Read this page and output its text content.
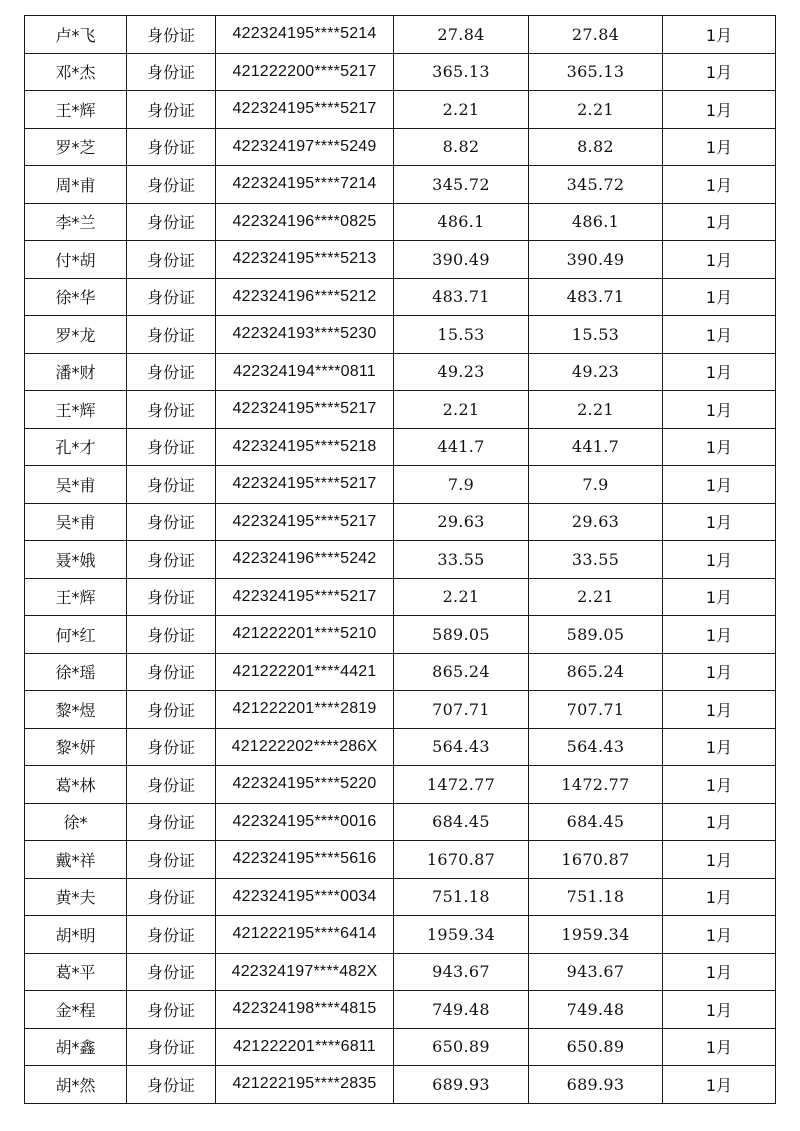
卢*飞	身份证	422324195****5214	27.84	27.84	1月
邓*杰	身份证	421222200****5217	365.13	365.13	1月
王*辉	身份证	422324195****5217	2.21	2.21	1月
罗*芝	身份证	422324197****5249	8.82	8.82	1月
周*甫	身份证	422324195****7214	345.72	345.72	1月
李*兰	身份证	422324196****0825	486.1	486.1	1月
付*胡	身份证	422324195****5213	390.49	390.49	1月
徐*华	身份证	422324196****5212	483.71	483.71	1月
罗*龙	身份证	422324193****5230	15.53	15.53	1月
潘*财	身份证	422324194****0811	49.23	49.23	1月
王*辉	身份证	422324195****5217	2.21	2.21	1月
孔*才	身份证	422324195****5218	441.7	441.7	1月
吴*甫	身份证	422324195****5217	7.9	7.9	1月
吴*甫	身份证	422324195****5217	29.63	29.63	1月
聂*娥	身份证	422324196****5242	33.55	33.55	1月
王*辉	身份证	422324195****5217	2.21	2.21	1月
何*红	身份证	421222201****5210	589.05	589.05	1月
徐*瑶	身份证	421222201****4421	865.24	865.24	1月
黎*煜	身份证	421222201****2819	707.71	707.71	1月
黎*妍	身份证	421222202****286X	564.43	564.43	1月
葛*林	身份证	422324195****5220	1472.77	1472.77	1月
徐*	身份证	422324195****0016	684.45	684.45	1月
戴*祥	身份证	422324195****5616	1670.87	1670.87	1月
黄*夫	身份证	422324195****0034	751.18	751.18	1月
胡*明	身份证	421222195****6414	1959.34	1959.34	1月
葛*平	身份证	422324197****482X	943.67	943.67	1月
金*程	身份证	422324198****4815	749.48	749.48	1月
胡*鑫	身份证	421222201****6811	650.89	650.89	1月
胡*然	身份证	421222195****2835	689.93	689.93	1月
